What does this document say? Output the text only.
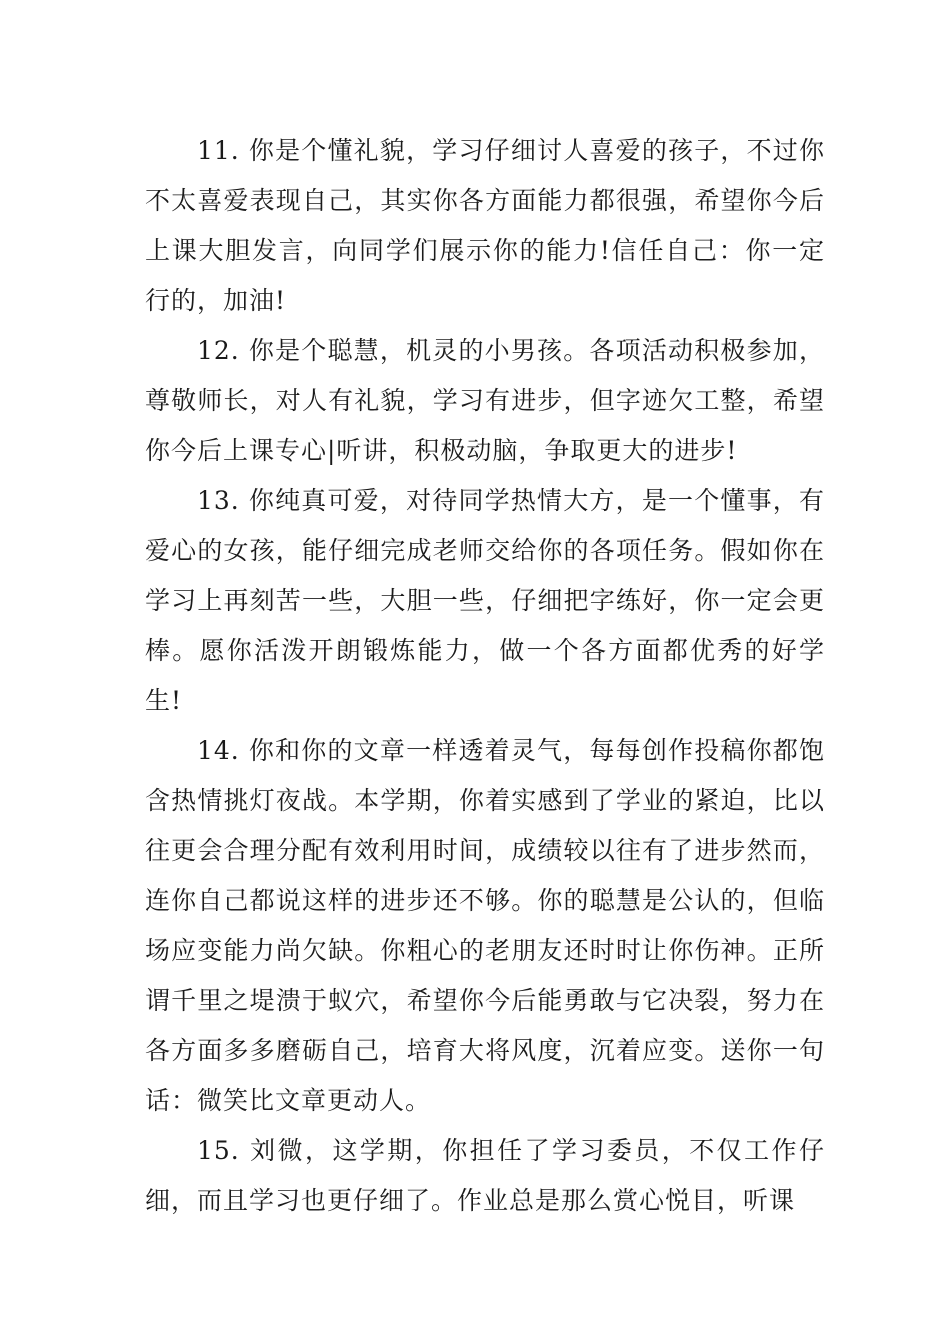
11. 你是个懂礼貌，学习仔细讨人喜爱的孩子，不过你不太喜爱表现自己，其实你各方面能力都很强，希望你今后上课大胆发言，向同学们展示你的能力!信任自己：你一定行的，加油!

12. 你是个聪慧，机灵的小男孩。各项活动积极参加，尊敬师长，对人有礼貌，学习有进步，但字迹欠工整，希望你今后上课专心|听讲，积极动脑，争取更大的进步!

13. 你纯真可爱，对待同学热情大方，是一个懂事，有爱心的女孩，能仔细完成老师交给你的各项任务。假如你在学习上再刻苦一些，大胆一些，仔细把字练好，你一定会更棒。愿你活泼开朗锻炼能力，做一个各方面都优秀的好学生!

14. 你和你的文章一样透着灵气，每每创作投稿你都饱含热情挑灯夜战。本学期，你着实感到了学业的紧迫，比以往更会合理分配有效利用时间，成绩较以往有了进步然而，连你自己都说这样的进步还不够。你的聪慧是公认的，但临场应变能力尚欠缺。你粗心的老朋友还时时让你伤神。正所谓千里之堤溃于蚁穴，希望你今后能勇敢与它决裂，努力在各方面多多磨砺自己，培育大将风度，沉着应变。送你一句话：微笑比文章更动人。

15. 刘微，这学期，你担任了学习委员，不仅工作仔细，而且学习也更仔细了。作业总是那么赏心悦目，听课
